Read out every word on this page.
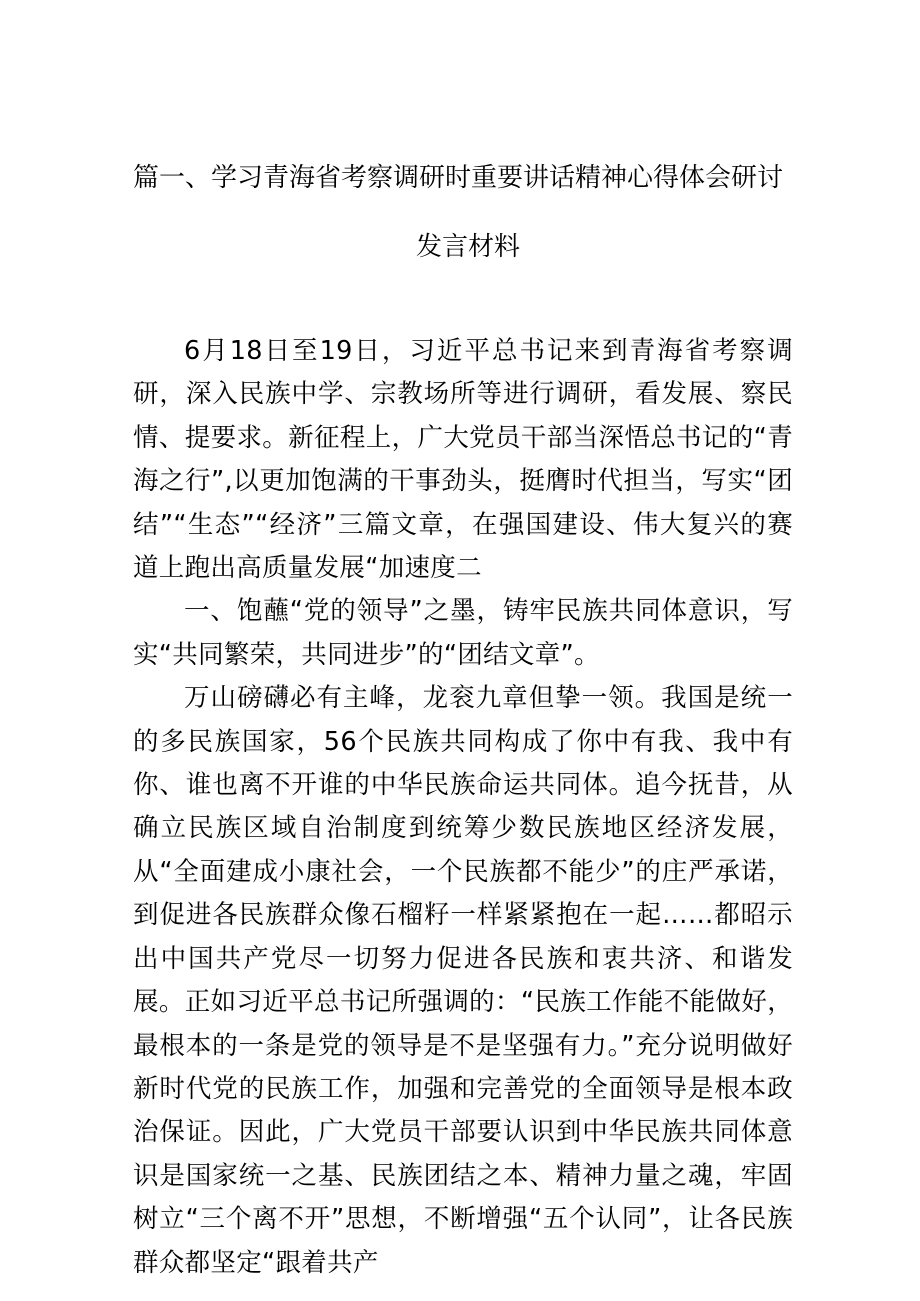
篇一、学习青海省考察调研时重要讲话精神心得体会研讨
发言材料

6月18日至19日，习近平总书记来到青海省考察调研，深入民族中学、宗教场所等进行调研，看发展、察民情、提要求。新征程上，广大党员干部当深悟总书记的“青海之行”,以更加饱满的干事劲头，挺膺时代担当，写实“团结”“生态”“经济”三篇文章，在强国建设、伟大复兴的赛道上跑出高质量发展“加速度二

一、饱蘸“党的领导”之墨，铸牢民族共同体意识，写实“共同繁荣，共同进步”的“团结文章”。

万山磅礴必有主峰，龙衮九章但挚一领。我国是统一的多民族国家，56个民族共同构成了你中有我、我中有你、谁也离不开谁的中华民族命运共同体。追今抚昔，从确立民族区域自治制度到统筹少数民族地区经济发展，从“全面建成小康社会，一个民族都不能少”的庄严承诺，到促进各民族群众像石榴籽一样紧紧抱在一起……都昭示出中国共产党尽一切努力促进各民族和衷共济、和谐发展。正如习近平总书记所强调的：“民族工作能不能做好，最根本的一条是党的领导是不是坚强有力。”充分说明做好新时代党的民族工作，加强和完善党的全面领导是根本政治保证。因此，广大党员干部要认识到中华民族共同体意识是国家统一之基、民族团结之本、精神力量之魂，牢固树立“三个离不开”思想，不断增强“五个认同”，让各民族群众都坚定“跟着共产
